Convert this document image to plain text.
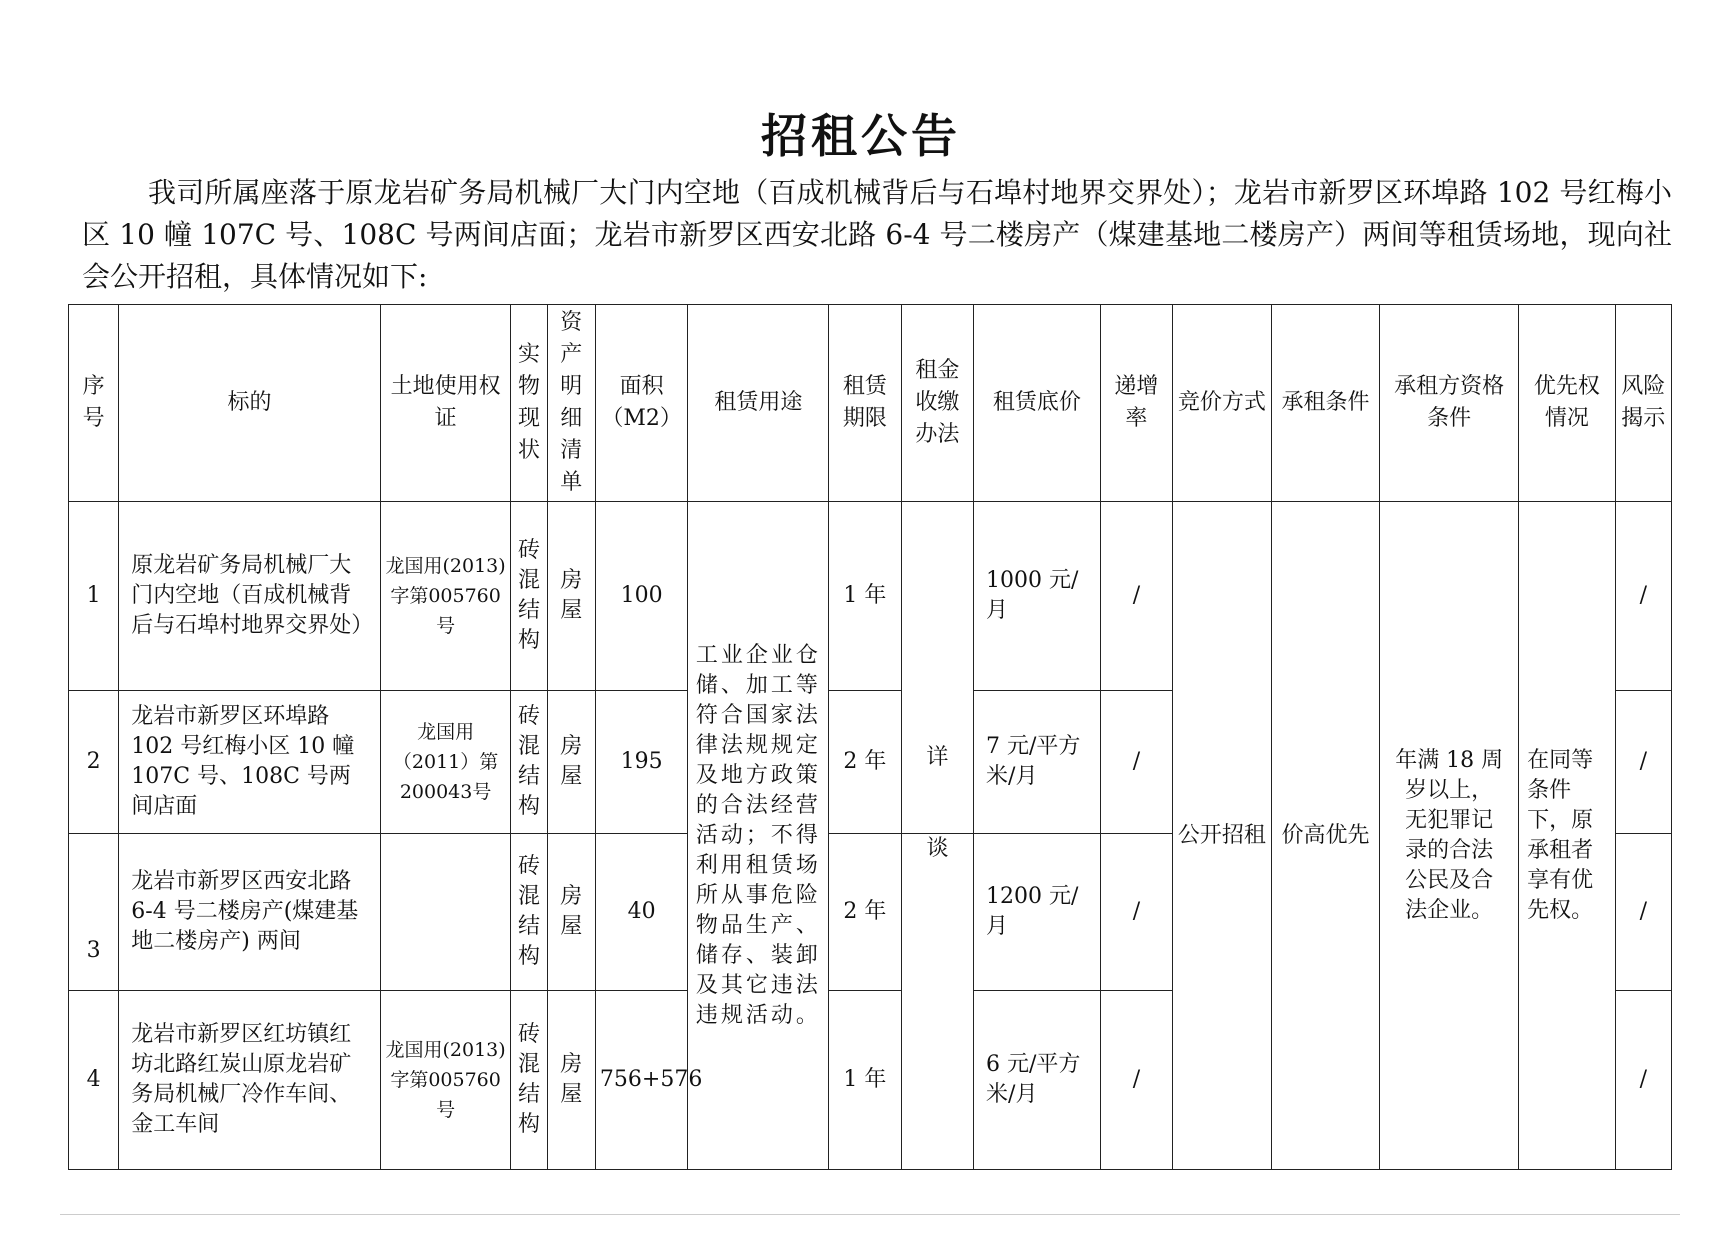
招租公告

我司所属座落于原龙岩矿务局机械厂大门内空地（百成机械背后与石埠村地界交界处）；龙岩市新罗区环埠路 102 号红梅小区 10 幢 107C 号、108C 号两间店面；龙岩市新罗区西安北路 6-4 号二楼房产（煤建基地二楼房产）两间等租赁场地，现向社会公开招租，具体情况如下:

序号	标的	土地使用权证	实物现状	资产明细清单	面积（M2）	租赁用途	租赁期限	租金收缴办法	租赁底价	递增率	竞价方式	承租条件	承租方资格条件	优先权情况	风险揭示
1	原龙岩矿务局机械厂大门内空地（百成机械背后与石埠村地界交界处）	龙国用(2013)字第005760号	砖混结构	房屋	100	工业企业仓储、加工等符合国家法律法规规定及地方政策的合法经营活动；不得利用租赁场所从事危险物品生产、储存、装卸及其它违法违规活动。	1 年	详	1000 元/月	/	公开招租	价高优先	年满 18 周岁以上，无犯罪记录的合法公民及合法企业。	在同等条件下，原承租者享有优先权。	/
2	龙岩市新罗区环埠路 102 号红梅小区 10 幢 107C 号、108C 号两间店面	龙国用（2011）第200043号	砖混结构	房屋	195		2 年		7 元/平方米/月	/					/
3	龙岩市新罗区西安北路 6-4 号二楼房产(煤建基地二楼房产) 两间		砖混结构	房屋	40		2 年	谈	1200 元/月	/					/
4	龙岩市新罗区红坊镇红坊北路红炭山原龙岩矿务局机械厂冷作车间、金工车间	龙国用(2013)字第005760号	砖混结构	房屋	756+576		1 年		6 元/平方米/月	/					/
